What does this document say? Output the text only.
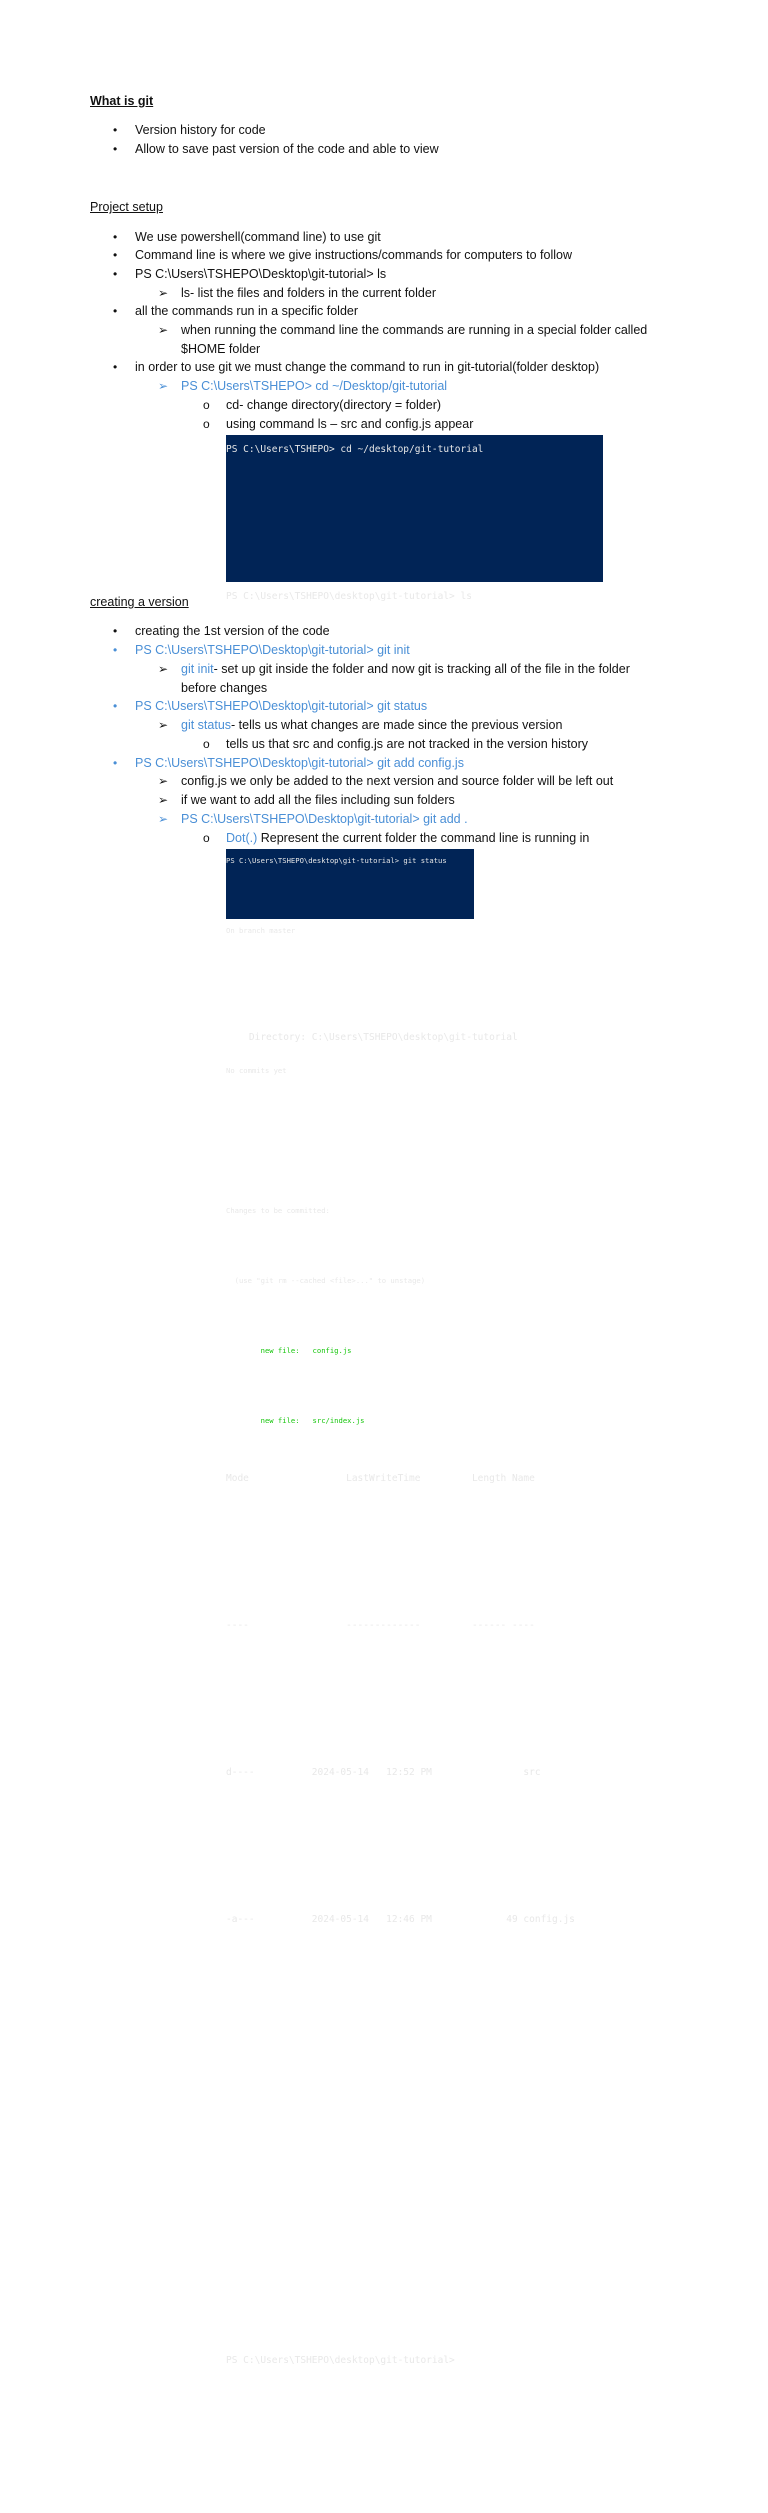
What is git
• Version history for code
• Allow to save past version of the code and able to view
Project setup
• We use powershell(command line) to use git
• Command line is where we give instructions/commands for computers to follow
• PS C:\Users\TSHEPO\Desktop\git-tutorial> ls
➢ ls- list the files and folders in the current folder
• all the commands run in a specific folder
➢ when running the command line the commands are running in a special folder called
$HOME folder
• in order to use git we must change the command to run in git-tutorial(folder desktop)
➢ PS C:\Users\TSHEPO> cd ~/Desktop/git-tutorial
o cd- change directory(directory = folder)
o using command ls – src and config.js appear

PS C:\Users\TSHEPO> cd ~/desktop/git-tutorial
PS C:\Users\TSHEPO\desktop\git-tutorial> ls
Directory: C:\Users\TSHEPO\desktop\git-tutorial
Mode                 LastWriteTime         Length Name
----                 -------------         ------ ----
d----          2024-05-14   12:52 PM                src
-a---          2024-05-14   12:46 PM             49 config.js
PS C:\Users\TSHEPO\desktop\git-tutorial>

creating a version
• creating the 1st version of the code
• PS C:\Users\TSHEPO\Desktop\git-tutorial> git init
➢ git init- set up git inside the folder and now git is tracking all of the file in the folder
before changes
• PS C:\Users\TSHEPO\Desktop\git-tutorial> git status
➢ git status- tells us what changes are made since the previous version
o tells us that src and config.js are not tracked in the version history
• PS C:\Users\TSHEPO\Desktop\git-tutorial> git add config.js
➢ config.js we only be added to the next version and source folder will be left out
➢ if we want to add all the files including sun folders
➢ PS C:\Users\TSHEPO\Desktop\git-tutorial> git add .
o Dot(.) Represent the current folder the command line is running in

PS C:\Users\TSHEPO\desktop\git-tutorial> git status
On branch master
No commits yet
Changes to be committed:
(use "git rm --cached <file>..." to unstage)
new file:   config.js
new file:   src/index.js
